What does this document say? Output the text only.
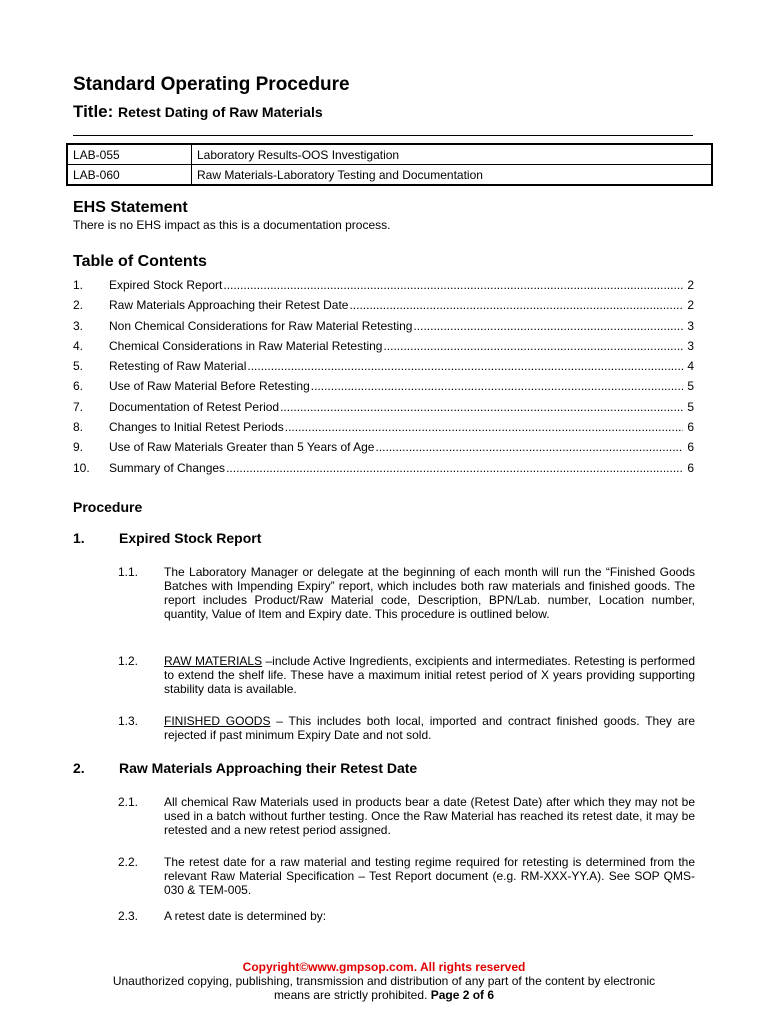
Standard Operating Procedure
Title: Retest Dating of Raw Materials
LAB-055	Laboratory Results-OOS Investigation
LAB-060	Raw Materials-Laboratory Testing and Documentation
EHS Statement
There is no EHS impact as this is a documentation process.
Table of Contents
1.	Expired Stock Report .....	2
2.	Raw Materials Approaching their Retest Date .....	2
3.	Non Chemical Considerations for Raw Material Retesting .....	3
4.	Chemical Considerations in Raw Material Retesting .....	3
5.	Retesting of Raw Material .....	4
6.	Use of Raw Material Before Retesting .....	5
7.	Documentation of Retest Period .....	5
8.	Changes to Initial Retest Periods .....	6
9.	Use of Raw Materials Greater than 5 Years of Age .....	6
10.	Summary of Changes .....	6
Procedure
1.	Expired Stock Report
1.1.	The Laboratory Manager or delegate at the beginning of each month will run the “Finished Goods Batches with Impending Expiry” report, which includes both raw materials and finished goods. The report includes Product/Raw Material code, Description, BPN/Lab. number, Location number, quantity, Value of Item and Expiry date. This procedure is outlined below.
1.2.	RAW MATERIALS –include Active Ingredients, excipients and intermediates. Retesting is performed to extend the shelf life. These have a maximum initial retest period of X years providing supporting stability data is available.
1.3.	FINISHED GOODS – This includes both local, imported and contract finished goods. They are rejected if past minimum Expiry Date and not sold.
2.	Raw Materials Approaching their Retest Date
2.1.	All chemical Raw Materials used in products bear a date (Retest Date) after which they may not be used in a batch without further testing. Once the Raw Material has reached its retest date, it may be retested and a new retest period assigned.
2.2.	The retest date for a raw material and testing regime required for retesting is determined from the relevant Raw Material Specification – Test Report document (e.g. RM-XXX-YY.A). See SOP QMS-030 & TEM-005.
2.3.	A retest date is determined by:
Copyright©www.gmpsop.com. All rights reserved
Unauthorized copying, publishing, transmission and distribution of any part of the content by electronic
means are strictly prohibited. Page 2 of 6
